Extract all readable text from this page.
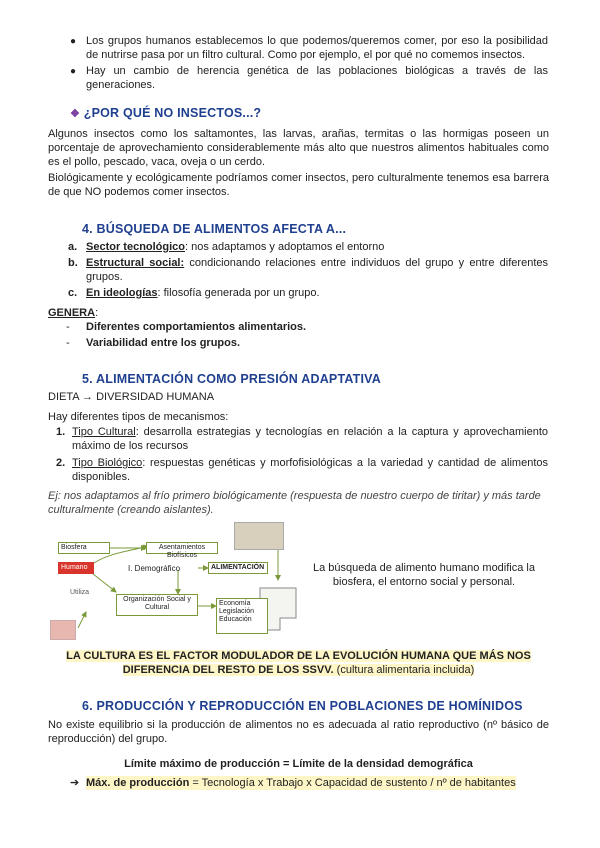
● Los grupos humanos establecemos lo que podemos/queremos comer, por eso la posibilidad de nutrirse pasa por un filtro cultural. Como por ejemplo, el por qué no comemos insectos.
● Hay un cambio de herencia genética de las poblaciones biológicas a través de las generaciones.
❖ ¿POR QUÉ NO INSECTOS...?
Algunos insectos como los saltamontes, las larvas, arañas, termitas o las hormigas poseen un porcentaje de aprovechamiento considerablemente más alto que nuestros alimentos habituales como es el pollo, pescado, vaca, oveja o un cerdo.
Biológicamente y ecológicamente podríamos comer insectos, pero culturalmente tenemos esa barrera de que NO podemos comer insectos.
4. BÚSQUEDA DE ALIMENTOS AFECTA A...
a. Sector tecnológico: nos adaptamos y adoptamos el entorno
b. Estructural social: condicionando relaciones entre individuos del grupo y entre diferentes grupos.
c. En ideologías: filosofía generada por un grupo.
GENERA:
- Diferentes comportamientos alimentarios.
- Variabilidad entre los grupos.
5. ALIMENTACIÓN COMO PRESIÓN ADAPTATIVA
DIETA → DIVERSIDAD HUMANA
Hay diferentes tipos de mecanismos:
1. Tipo Cultural: desarrolla estrategias y tecnologías en relación a la captura y aprovechamiento máximo de los recursos
2. Tipo Biológico: respuestas genéticas y morfofisiológicas a la variedad y cantidad de alimentos disponibles.
Ej: nos adaptamos al frío primero biológicamente (respuesta de nuestro cuerpo de tiritar) y más tarde culturalmente (creando aislantes).
Biosfera	Asentamientos Biofísicos
Humano	I. Demográfico	ALIMENTACIÓN
Utiliza
Organización Social y Cultural
Economía
Legislación
Educación
La búsqueda de alimento humano modifica la biosfera, el entorno social y personal.
LA CULTURA ES EL FACTOR MODULADOR DE LA EVOLUCIÓN HUMANA QUE MÁS NOS DIFERENCIA DEL RESTO DE LOS SSVV. (cultura alimentaria incluida)
6. PRODUCCIÓN Y REPRODUCCIÓN EN POBLACIONES DE HOMÍNIDOS
No existe equilibrio si la producción de alimentos no es adecuada al ratio reproductivo (nº básico de reproducción) del grupo.
Límite máximo de producción = Límite de la densidad demográfica
➔ Máx. de producción = Tecnología x Trabajo x Capacidad de sustento / nº de habitantes
